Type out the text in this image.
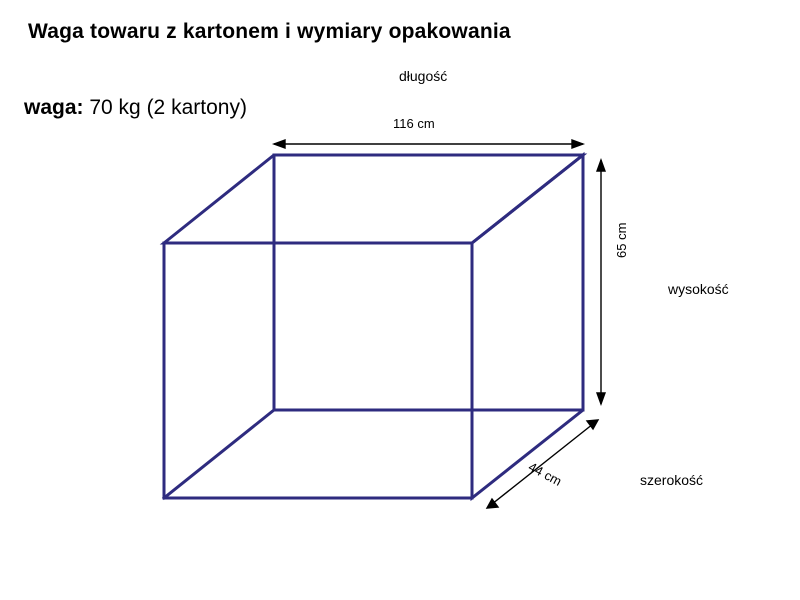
Waga towaru z kartonem i wymiary opakowania
waga: 70 kg (2 kartony)
długość
wysokość
szerokość
116 cm
65 cm
44 cm
